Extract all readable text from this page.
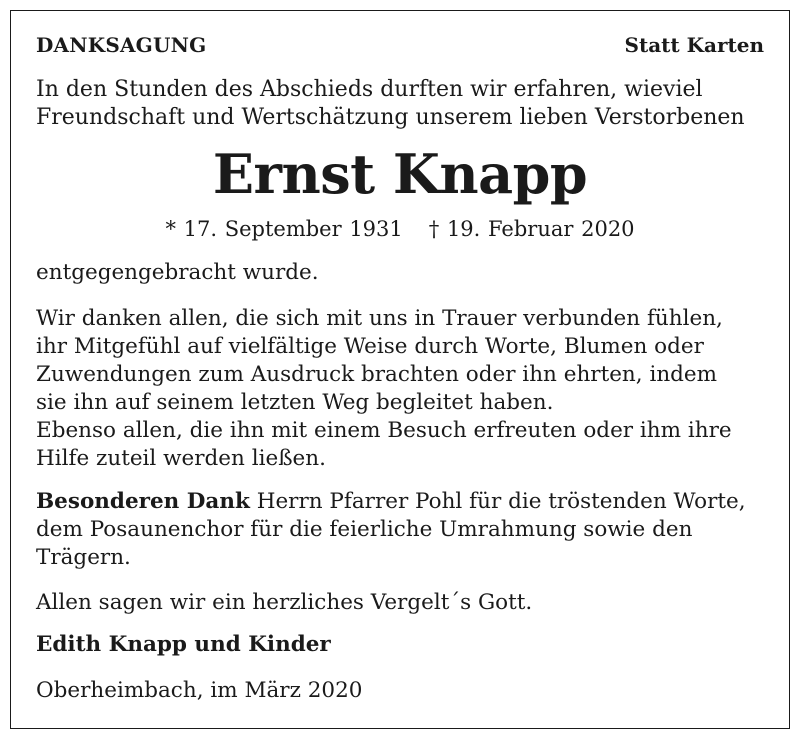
DANKSAGUNG	Statt Karten
In den Stunden des Abschieds durften wir erfahren, wieviel
Freundschaft und Wertschätzung unserem lieben Verstorbenen
Ernst Knapp
* 17. September 1931 † 19. Februar 2020
entgegengebracht wurde.
Wir danken allen, die sich mit uns in Trauer verbunden fühlen,
ihr Mitgefühl auf vielfältige Weise durch Worte, Blumen oder
Zuwendungen zum Ausdruck brachten oder ihn ehrten, indem
sie ihn auf seinem letzten Weg begleitet haben.
Ebenso allen, die ihn mit einem Besuch erfreuten oder ihm ihre
Hilfe zuteil werden ließen.
Besonderen Dank Herrn Pfarrer Pohl für die tröstenden Worte,
dem Posaunenchor für die feierliche Umrahmung sowie den
Trägern.
Allen sagen wir ein herzliches Vergelt´s Gott.
Edith Knapp und Kinder
Oberheimbach, im März 2020
